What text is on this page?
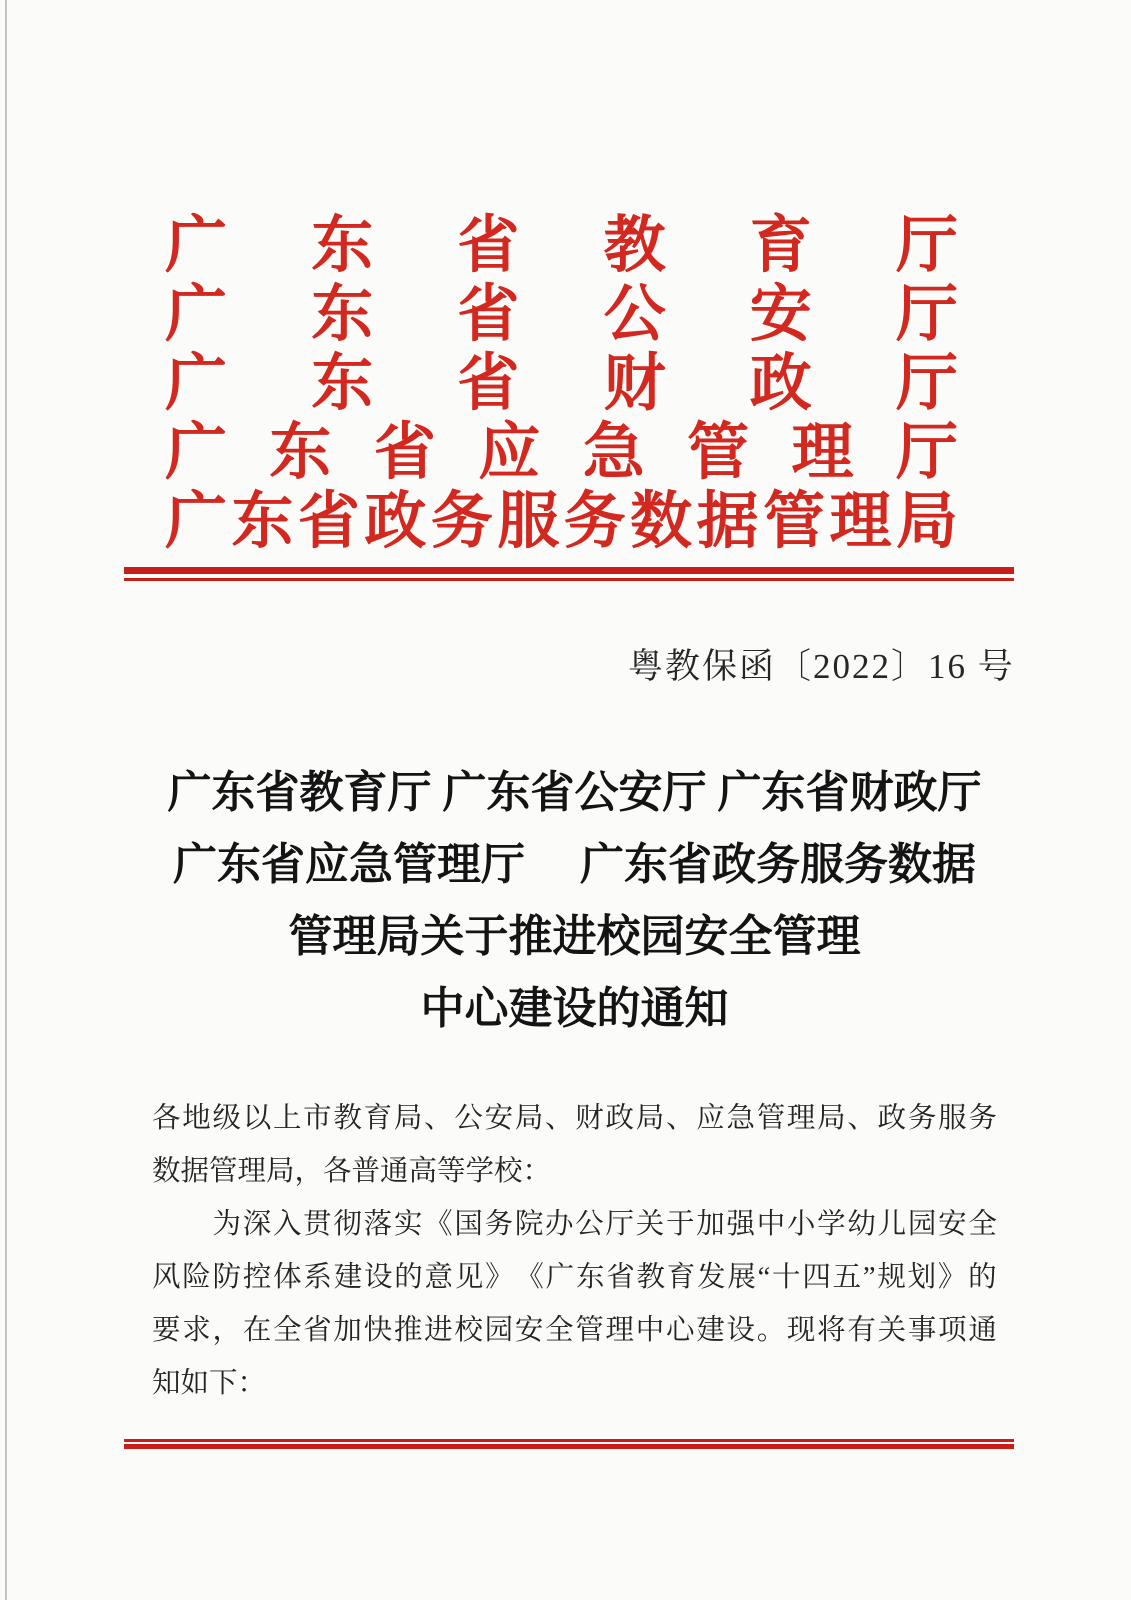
广 东 省 教 育 厅
广 东 省 公 安 厅
广 东 省 财 政 厅
广 东 省 应 急 管 理 厅
广 东 省 政 务 服 务 数 据 管 理 局
粤教保函〔2022〕16 号
广东省教育厅 广东省公安厅 广东省财政厅
广东省应急管理厅　 广东省政务服务数据
管理局关于推进校园安全管理
中心建设的通知
各 地 级 以 上 市 教 育 局 、 公 安 局 、 财 政 局 、 应 急 管 理 局 、 政 务 服 务
数据管理局，各普通高等学校：

为 深 入 贯 彻 落 实 《 国 务 院 办 公 厅 关 于 加 强 中 小 学 幼 儿 园 安 全
风 险 防 控 体 系 建 设 的 意 见 》 《 广 东 省 教 育 发 展 “ 十 四 五 ” 规 划 》 的
要 求 ， 在 全 省 加 快 推 进 校 园 安 全 管 理 中 心 建 设 。 现 将 有 关 事 项 通
知如下：
